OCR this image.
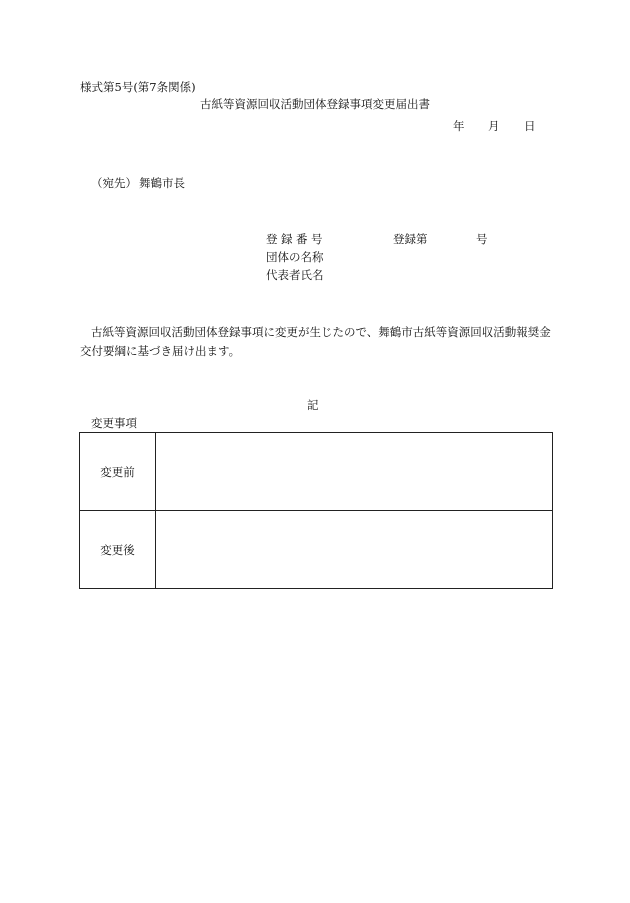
様式第5号(第7条関係)
古紙等資源回収活動団体登録事項変更届出書
年 月 日
（宛先） 舞鶴市長
登録番号	登録第	号
団体の名称
代表者氏名
古紙等資源回収活動団体登録事項に変更が生じたので、舞鶴市古紙等資源回収活動報奨金交付要綱に基づき届け出ます。
記
変更事項
変更前	
変更後	
